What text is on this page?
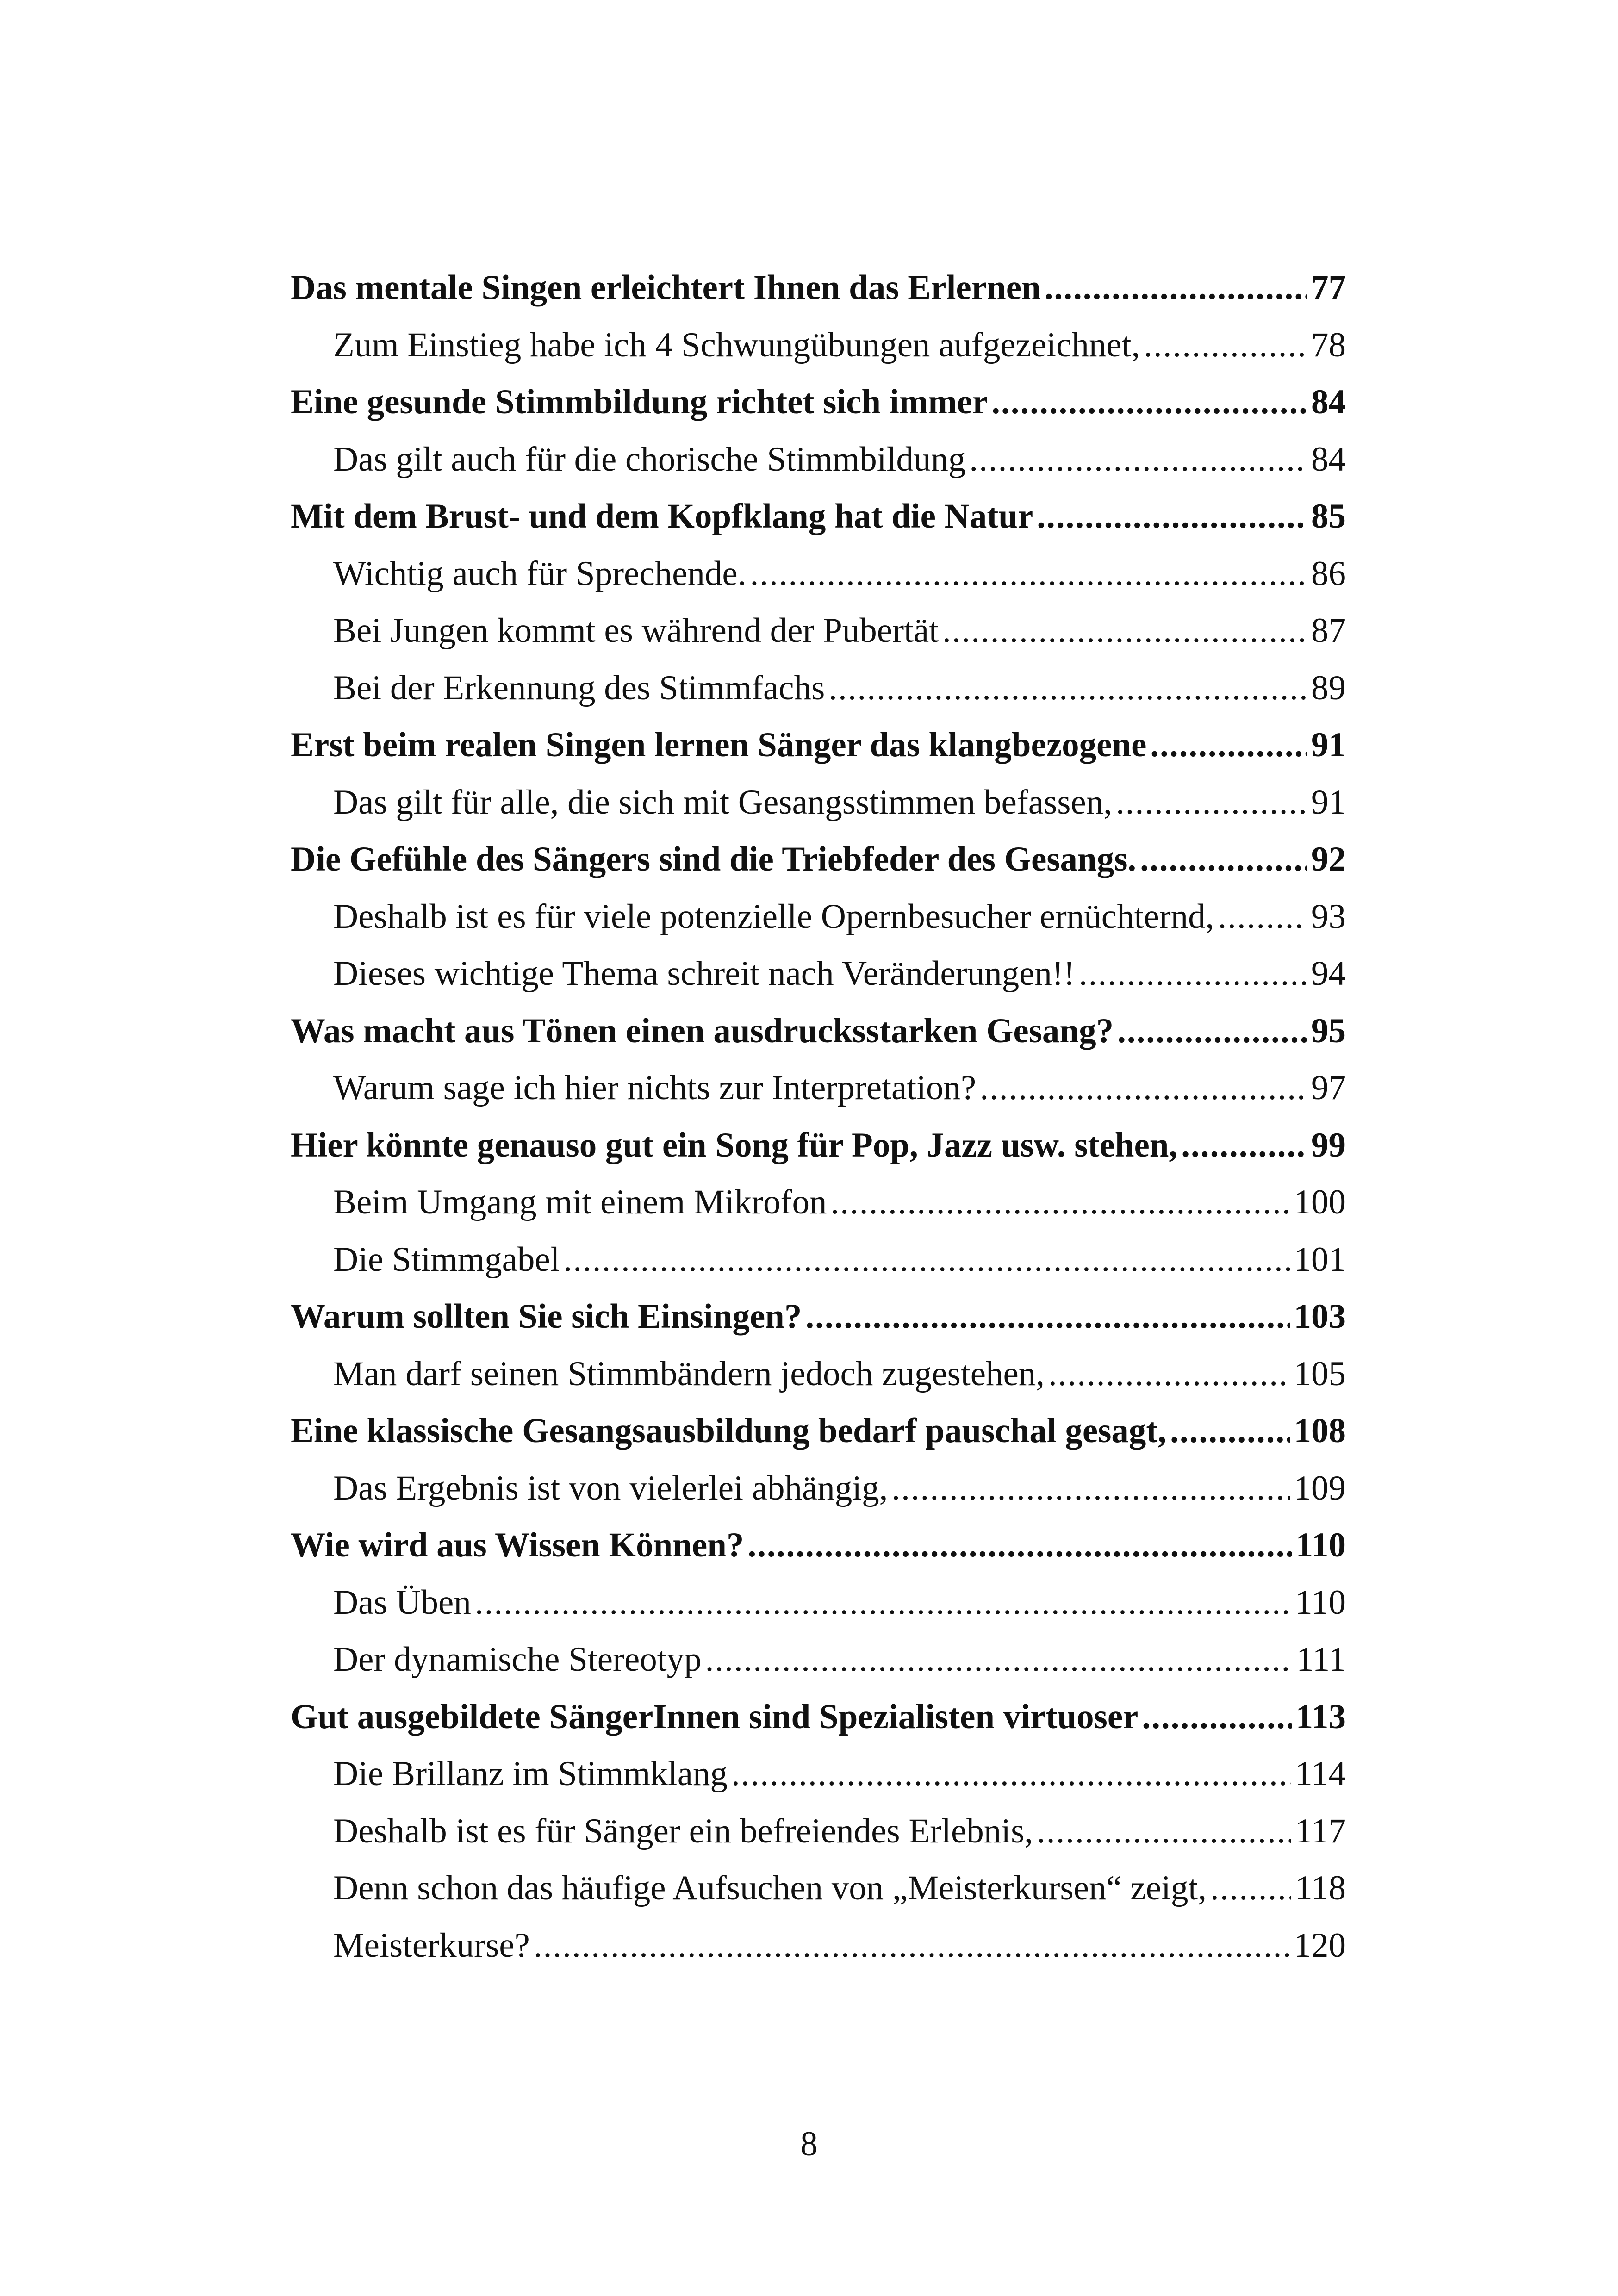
Das mentale Singen erleichtert Ihnen das Erlernen .....	77
Zum Einstieg habe ich 4 Schwungübungen aufgezeichnet, .....	78
Eine gesunde Stimmbildung richtet sich immer .....	84
Das gilt auch für die chorische Stimmbildung .....	84
Mit dem Brust- und dem Kopfklang hat die Natur .....	85
Wichtig auch für Sprechende. .....	86
Bei Jungen kommt es während der Pubertät .....	87
Bei der Erkennung des Stimmfachs .....	89
Erst beim realen Singen lernen Sänger das klangbezogene .....	91
Das gilt für alle, die sich mit Gesangsstimmen befassen, .....	91
Die Gefühle des Sängers sind die Triebfeder des Gesangs. .....	92
Deshalb ist es für viele potenzielle Opernbesucher ernüchternd, .....	93
Dieses wichtige Thema schreit nach Veränderungen!! .....	94
Was macht aus Tönen einen ausdrucksstarken Gesang? .....	95
Warum sage ich hier nichts zur Interpretation? .....	97
Hier könnte genauso gut ein Song für Pop, Jazz usw. stehen, .....	99
Beim Umgang mit einem Mikrofon .....	100
Die Stimmgabel .....	101
Warum sollten Sie sich Einsingen? .....	103
Man darf seinen Stimmbändern jedoch zugestehen, .....	105
Eine klassische Gesangsausbildung bedarf pauschal gesagt, .....	108
Das Ergebnis ist von vielerlei abhängig, .....	109
Wie wird aus Wissen Können? .....	110
Das Üben .....	110
Der dynamische Stereotyp .....	111
Gut ausgebildete SängerInnen sind Spezialisten virtuoser .....	113
Die Brillanz im Stimmklang .....	114
Deshalb ist es für Sänger ein befreiendes Erlebnis, .....	117
Denn schon das häufige Aufsuchen von „Meisterkursen“ zeigt, .....	118
Meisterkurse? .....	120
8
